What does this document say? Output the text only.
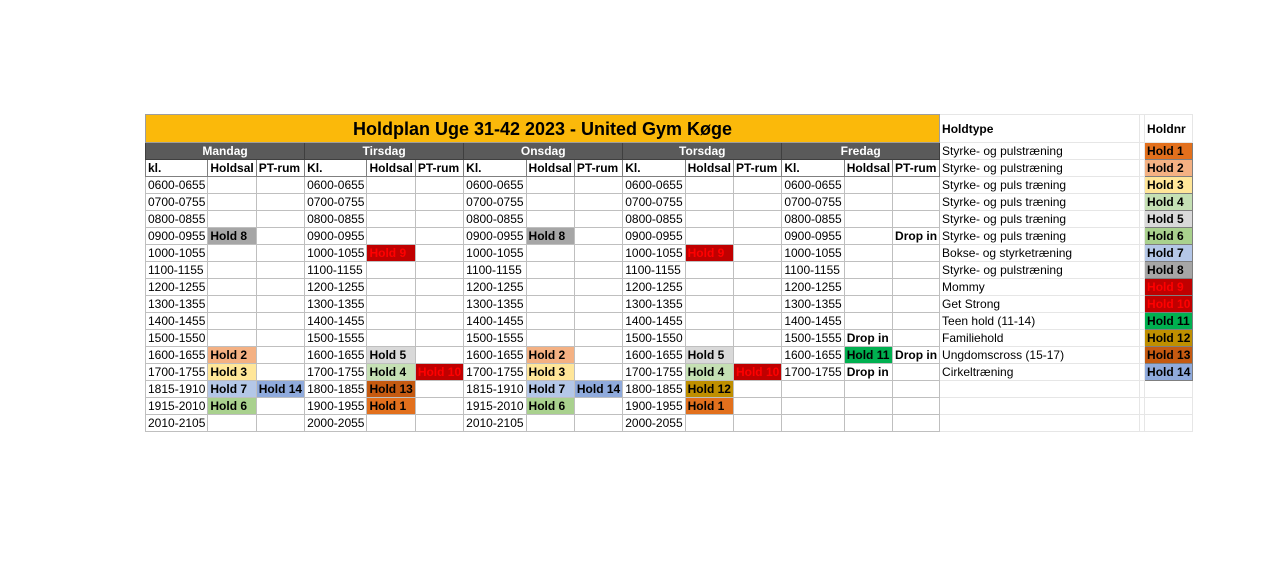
Holdplan Uge 31-42 2023 - United Gym Køge															Holdtype		Holdnr
Mandag			Tirsdag			Onsdag			Torsdag			Fredag			Styrke- og pulstræning		Hold 1
kl.	Holdsal	PT-rum	Kl.	Holdsal	PT-rum	Kl.	Holdsal	PT-rum	Kl.	Holdsal	PT-rum	Kl.	Holdsal	PT-rum	Styrke- og pulstræning		Hold 2
0600-0655			0600-0655			0600-0655			0600-0655			0600-0655			Styrke- og puls træning		Hold 3
0700-0755			0700-0755			0700-0755			0700-0755			0700-0755			Styrke- og puls træning		Hold 4
0800-0855			0800-0855			0800-0855			0800-0855			0800-0855			Styrke- og puls træning		Hold 5
0900-0955	Hold 8		0900-0955			0900-0955	Hold 8		0900-0955			0900-0955		Drop in	Styrke- og puls træning		Hold 6
1000-1055			1000-1055	Hold 9		1000-1055			1000-1055	Hold 9		1000-1055			Bokse- og styrketræning		Hold 7
1100-1155			1100-1155			1100-1155			1100-1155			1100-1155			Styrke- og pulstræning		Hold 8
1200-1255			1200-1255			1200-1255			1200-1255			1200-1255			Mommy		Hold 9
1300-1355			1300-1355			1300-1355			1300-1355			1300-1355			Get Strong		Hold 10
1400-1455			1400-1455			1400-1455			1400-1455			1400-1455			Teen hold (11-14)		Hold 11
1500-1550			1500-1555			1500-1555			1500-1550			1500-1555	Drop in		Familiehold		Hold 12
1600-1655	Hold 2		1600-1655	Hold 5		1600-1655	Hold 2		1600-1655	Hold 5		1600-1655	Hold 11	Drop in	Ungdomscross (15-17)		Hold 13
1700-1755	Hold 3		1700-1755	Hold 4	Hold 10	1700-1755	Hold 3		1700-1755	Hold 4	Hold 10	1700-1755	Drop in		Cirkeltræning		Hold 14
1815-1910	Hold 7	Hold 14	1800-1855	Hold 13		1815-1910	Hold 7	Hold 14	1800-1855	Hold 12							
1915-2010	Hold 6		1900-1955	Hold 1		1915-2010	Hold 6		1900-1955	Hold 1							
2010-2105			2000-2055			2010-2105			2000-2055								
